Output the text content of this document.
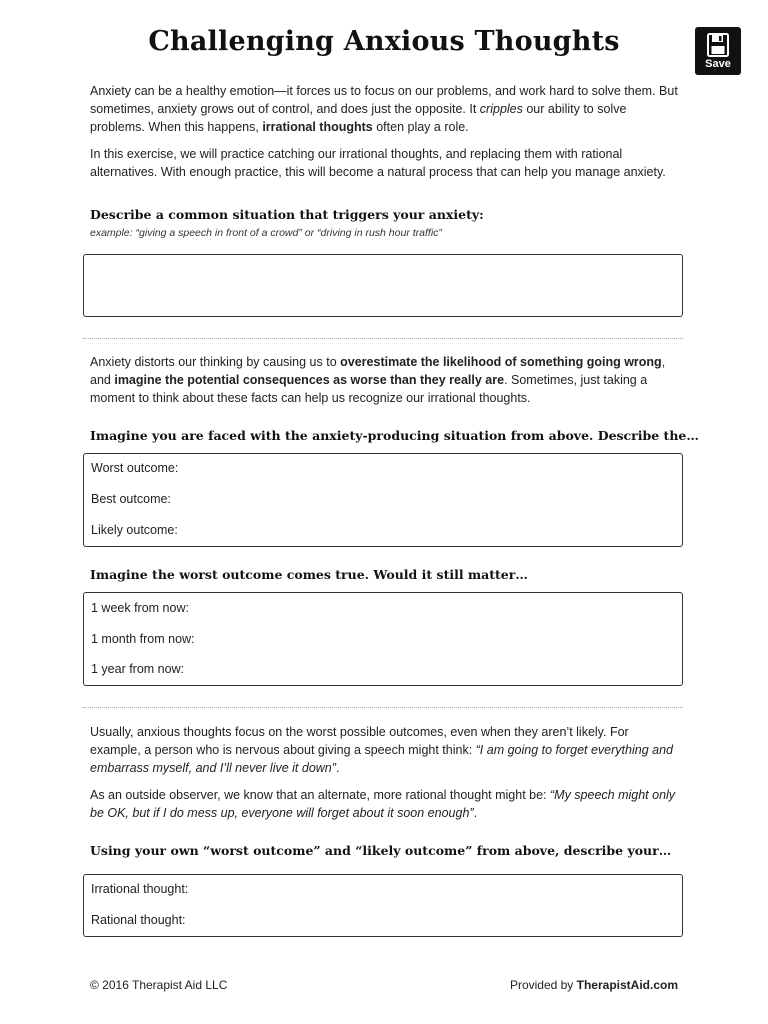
Challenging Anxious Thoughts
Save

Anxiety can be a healthy emotion—it forces us to focus on our problems, and work hard to solve them. But sometimes, anxiety grows out of control, and does just the opposite. It cripples our ability to solve problems. When this happens, irrational thoughts often play a role.

In this exercise, we will practice catching our irrational thoughts, and replacing them with rational alternatives. With enough practice, this will become a natural process that can help you manage anxiety.

Describe a common situation that triggers your anxiety:

example: “giving a speech in front of a crowd” or “driving in rush hour traffic”

Anxiety distorts our thinking by causing us to overestimate the likelihood of something going wrong, and imagine the potential consequences as worse than they really are. Sometimes, just taking a moment to think about these facts can help us recognize our irrational thoughts.

Imagine you are faced with the anxiety-producing situation from above. Describe the…

Worst outcome:
Best outcome:
Likely outcome:

Imagine the worst outcome comes true. Would it still matter…

1 week from now:
1 month from now:
1 year from now:

Usually, anxious thoughts focus on the worst possible outcomes, even when they aren’t likely. For example, a person who is nervous about giving a speech might think: “I am going to forget everything and embarrass myself, and I’ll never live it down”.

As an outside observer, we know that an alternate, more rational thought might be: “My speech might only be OK, but if I do mess up, everyone will forget about it soon enough”.

Using your own “worst outcome” and “likely outcome” from above, describe your…

Irrational thought:
Rational thought:
© 2016 Therapist Aid LLC	Provided by TherapistAid.com
